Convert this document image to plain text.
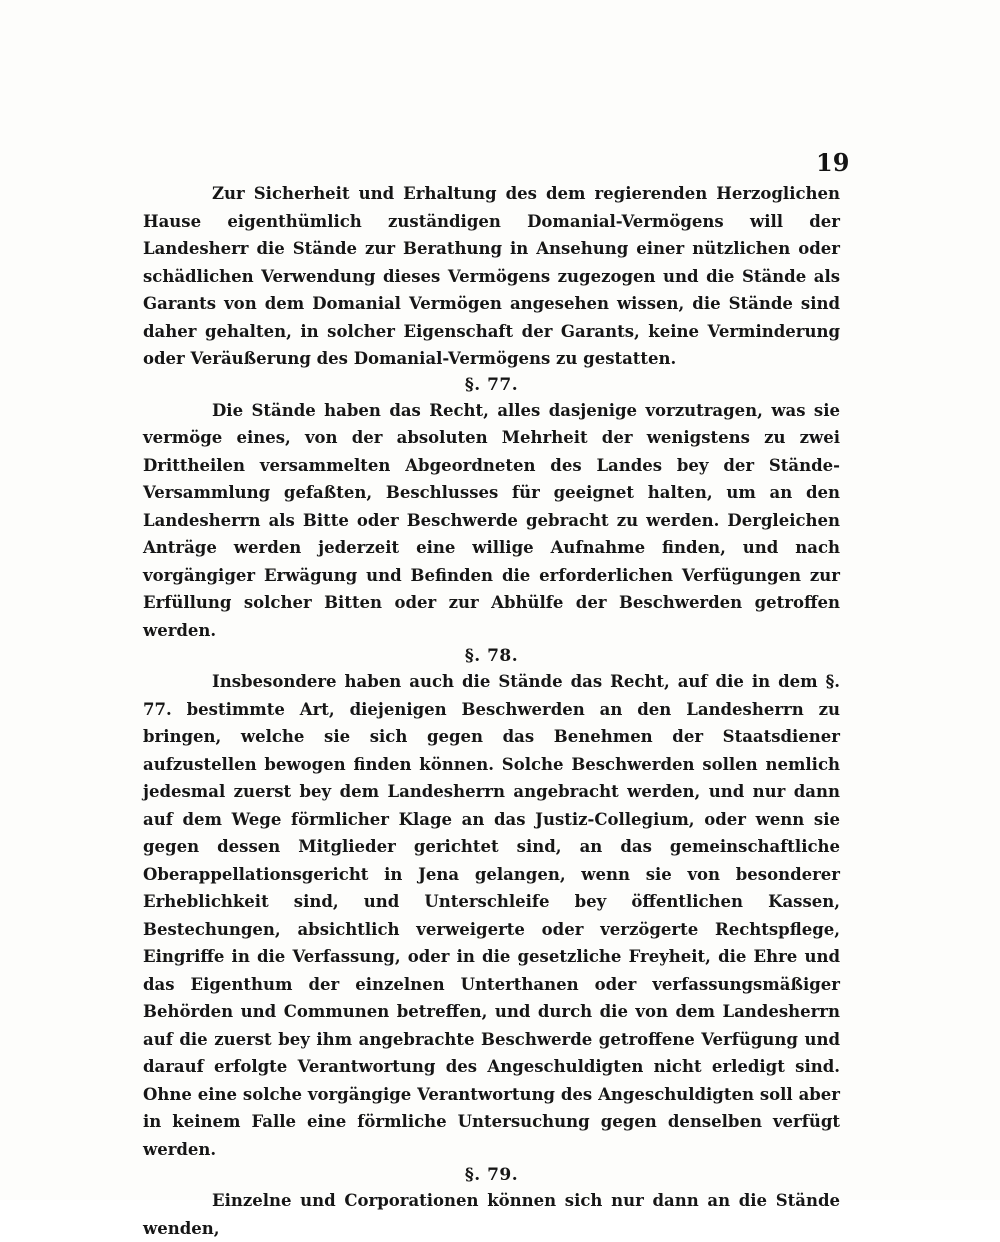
19

Zur Sicherheit und Erhaltung des dem regierenden Herzoglichen Hause eigenthümlich zuständigen Domanial-Vermögens will der Landesherr die Stände zur Berathung in Ansehung einer nützlichen oder schädlichen Verwendung dieses Vermögens zugezogen und die Stände als Garants von dem Domanial Vermögen angesehen wissen, die Stände sind daher gehalten, in solcher Eigenschaft der Garants, keine Verminderung oder Veräußerung des Domanial-Vermögens zu gestatten.

§. 77.

Die Stände haben das Recht, alles dasjenige vorzutragen, was sie vermöge eines, von der absoluten Mehrheit der wenigstens zu zwei Drittheilen versammelten Abgeordneten des Landes bey der Stände-Versammlung gefaßten, Beschlusses für geeignet halten, um an den Landesherrn als Bitte oder Beschwerde gebracht zu werden. Dergleichen Anträge werden jederzeit eine willige Aufnahme finden, und nach vorgängiger Erwägung und Befinden die erforderlichen Verfügungen zur Erfüllung solcher Bitten oder zur Abhülfe der Beschwerden getroffen werden.

§. 78.

Insbesondere haben auch die Stände das Recht, auf die in dem §. 77. bestimmte Art, diejenigen Beschwerden an den Landesherrn zu bringen, welche sie sich gegen das Benehmen der Staatsdiener aufzustellen bewogen finden können. Solche Beschwerden sollen nemlich jedesmal zuerst bey dem Landesherrn angebracht werden, und nur dann auf dem Wege förmlicher Klage an das Justiz-Collegium, oder wenn sie gegen dessen Mitglieder gerichtet sind, an das gemeinschaftliche Oberappellationsgericht in Jena gelangen, wenn sie von besonderer Erheblichkeit sind, und Unterschleife bey öffentlichen Kassen, Bestechungen, absichtlich verweigerte oder verzögerte Rechtspflege, Eingriffe in die Verfassung, oder in die gesetzliche Freyheit, die Ehre und das Eigenthum der einzelnen Unterthanen oder verfassungsmäßiger Behörden und Communen betreffen, und durch die von dem Landesherrn auf die zuerst bey ihm angebrachte Beschwerde getroffene Verfügung und darauf erfolgte Verantwortung des Angeschuldigten nicht erledigt sind. Ohne eine solche vorgängige Verantwortung des Angeschuldigten soll aber in keinem Falle eine förmliche Untersuchung gegen denselben verfügt werden.

§. 79.

Einzelne und Corporationen können sich nur dann an die Stände wenden,
